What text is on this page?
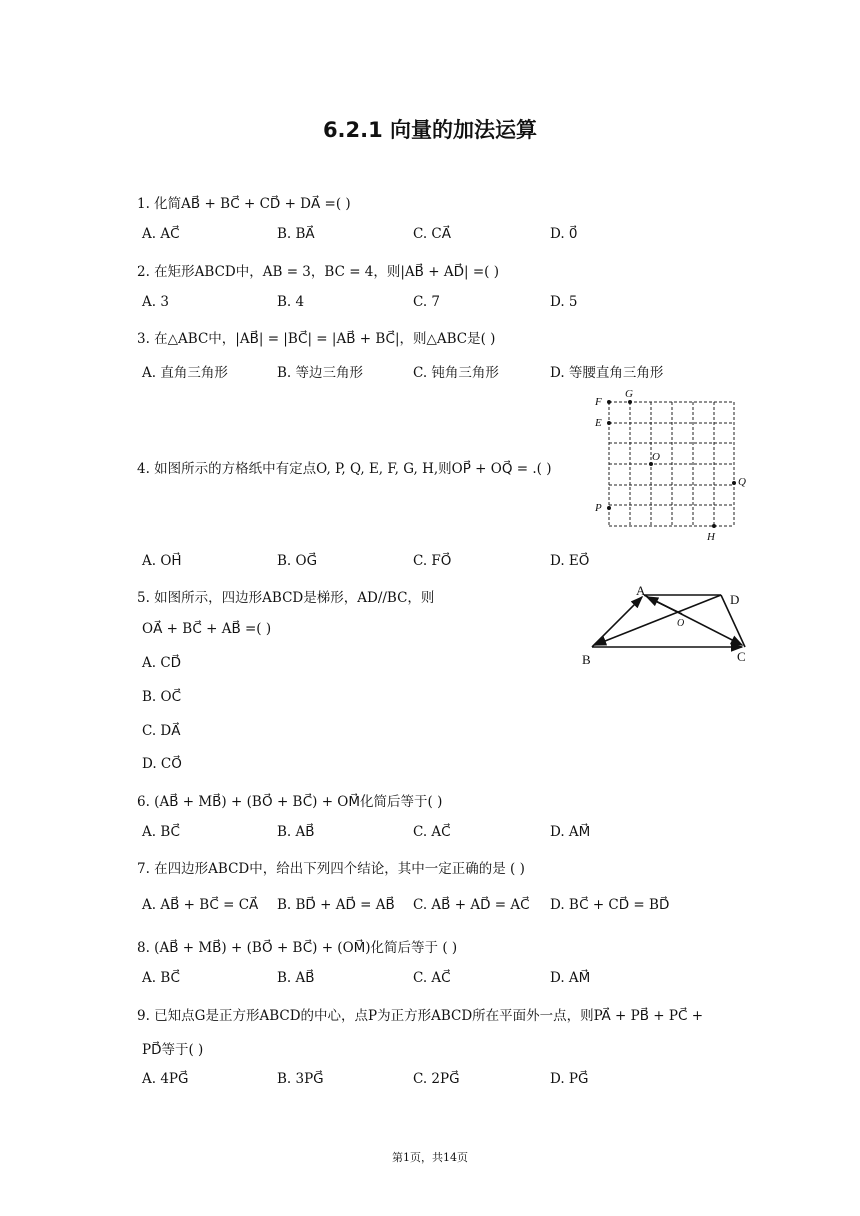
6.2.1 向量的加法运算
1. 化简AB⃗ + BC⃗ + CD⃗ + DA⃗ =( )
A. AC⃗	B. BA⃗	C. CA⃗	D. 0⃗
2. 在矩形ABCD中，AB = 3，BC = 4，则|AB⃗ + AD⃗| =( )
A. 3	B. 4	C. 7	D. 5
3. 在△ABC中，|AB⃗| = |BC⃗| = |AB⃗ + BC⃗|，则△ABC是( )
A. 直角三角形	B. 等边三角形	C. 钝角三角形	D. 等腰直角三角形
4. 如图所示的方格纸中有定点O, P, Q, E, F, G, H,则OP⃗ + OQ⃗ = .( )
F
G
E
O
Q
P
H
A. OH⃗	B. OG⃗	C. FO⃗	D. EO⃗
5. 如图所示，四边形ABCD是梯形，AD//BC，则
OA⃗ + BC⃗ + AB⃗ =( )
A
D
B	C
O
A. CD⃗
B. OC⃗
C. DA⃗
D. CO⃗
6. (AB⃗ + MB⃗) + (BO⃗ + BC⃗) + OM⃗化简后等于( )
A. BC⃗	B. AB⃗	C. AC⃗	D. AM⃗
7. 在四边形ABCD中，给出下列四个结论，其中一定正确的是 ( )
A. AB⃗ + BC⃗ = CA⃗ B. BD⃗ + AD⃗ = AB⃗ C. AB⃗ + AD⃗ = AC⃗ D. BC⃗ + CD⃗ = BD⃗
8. (AB⃗ + MB⃗) + (BO⃗ + BC⃗) + (OM⃗)化简后等于 ( )
A. BC⃗	B. AB⃗	C. AC⃗	D. AM⃗
9. 已知点G是正方形ABCD的中心，点P为正方形ABCD所在平面外一点，则PA⃗ + PB⃗ + PC⃗ +
PD⃗等于( )
A. 4PG⃗	B. 3PG⃗	C. 2PG⃗	D. PG⃗
第1页，共14页
